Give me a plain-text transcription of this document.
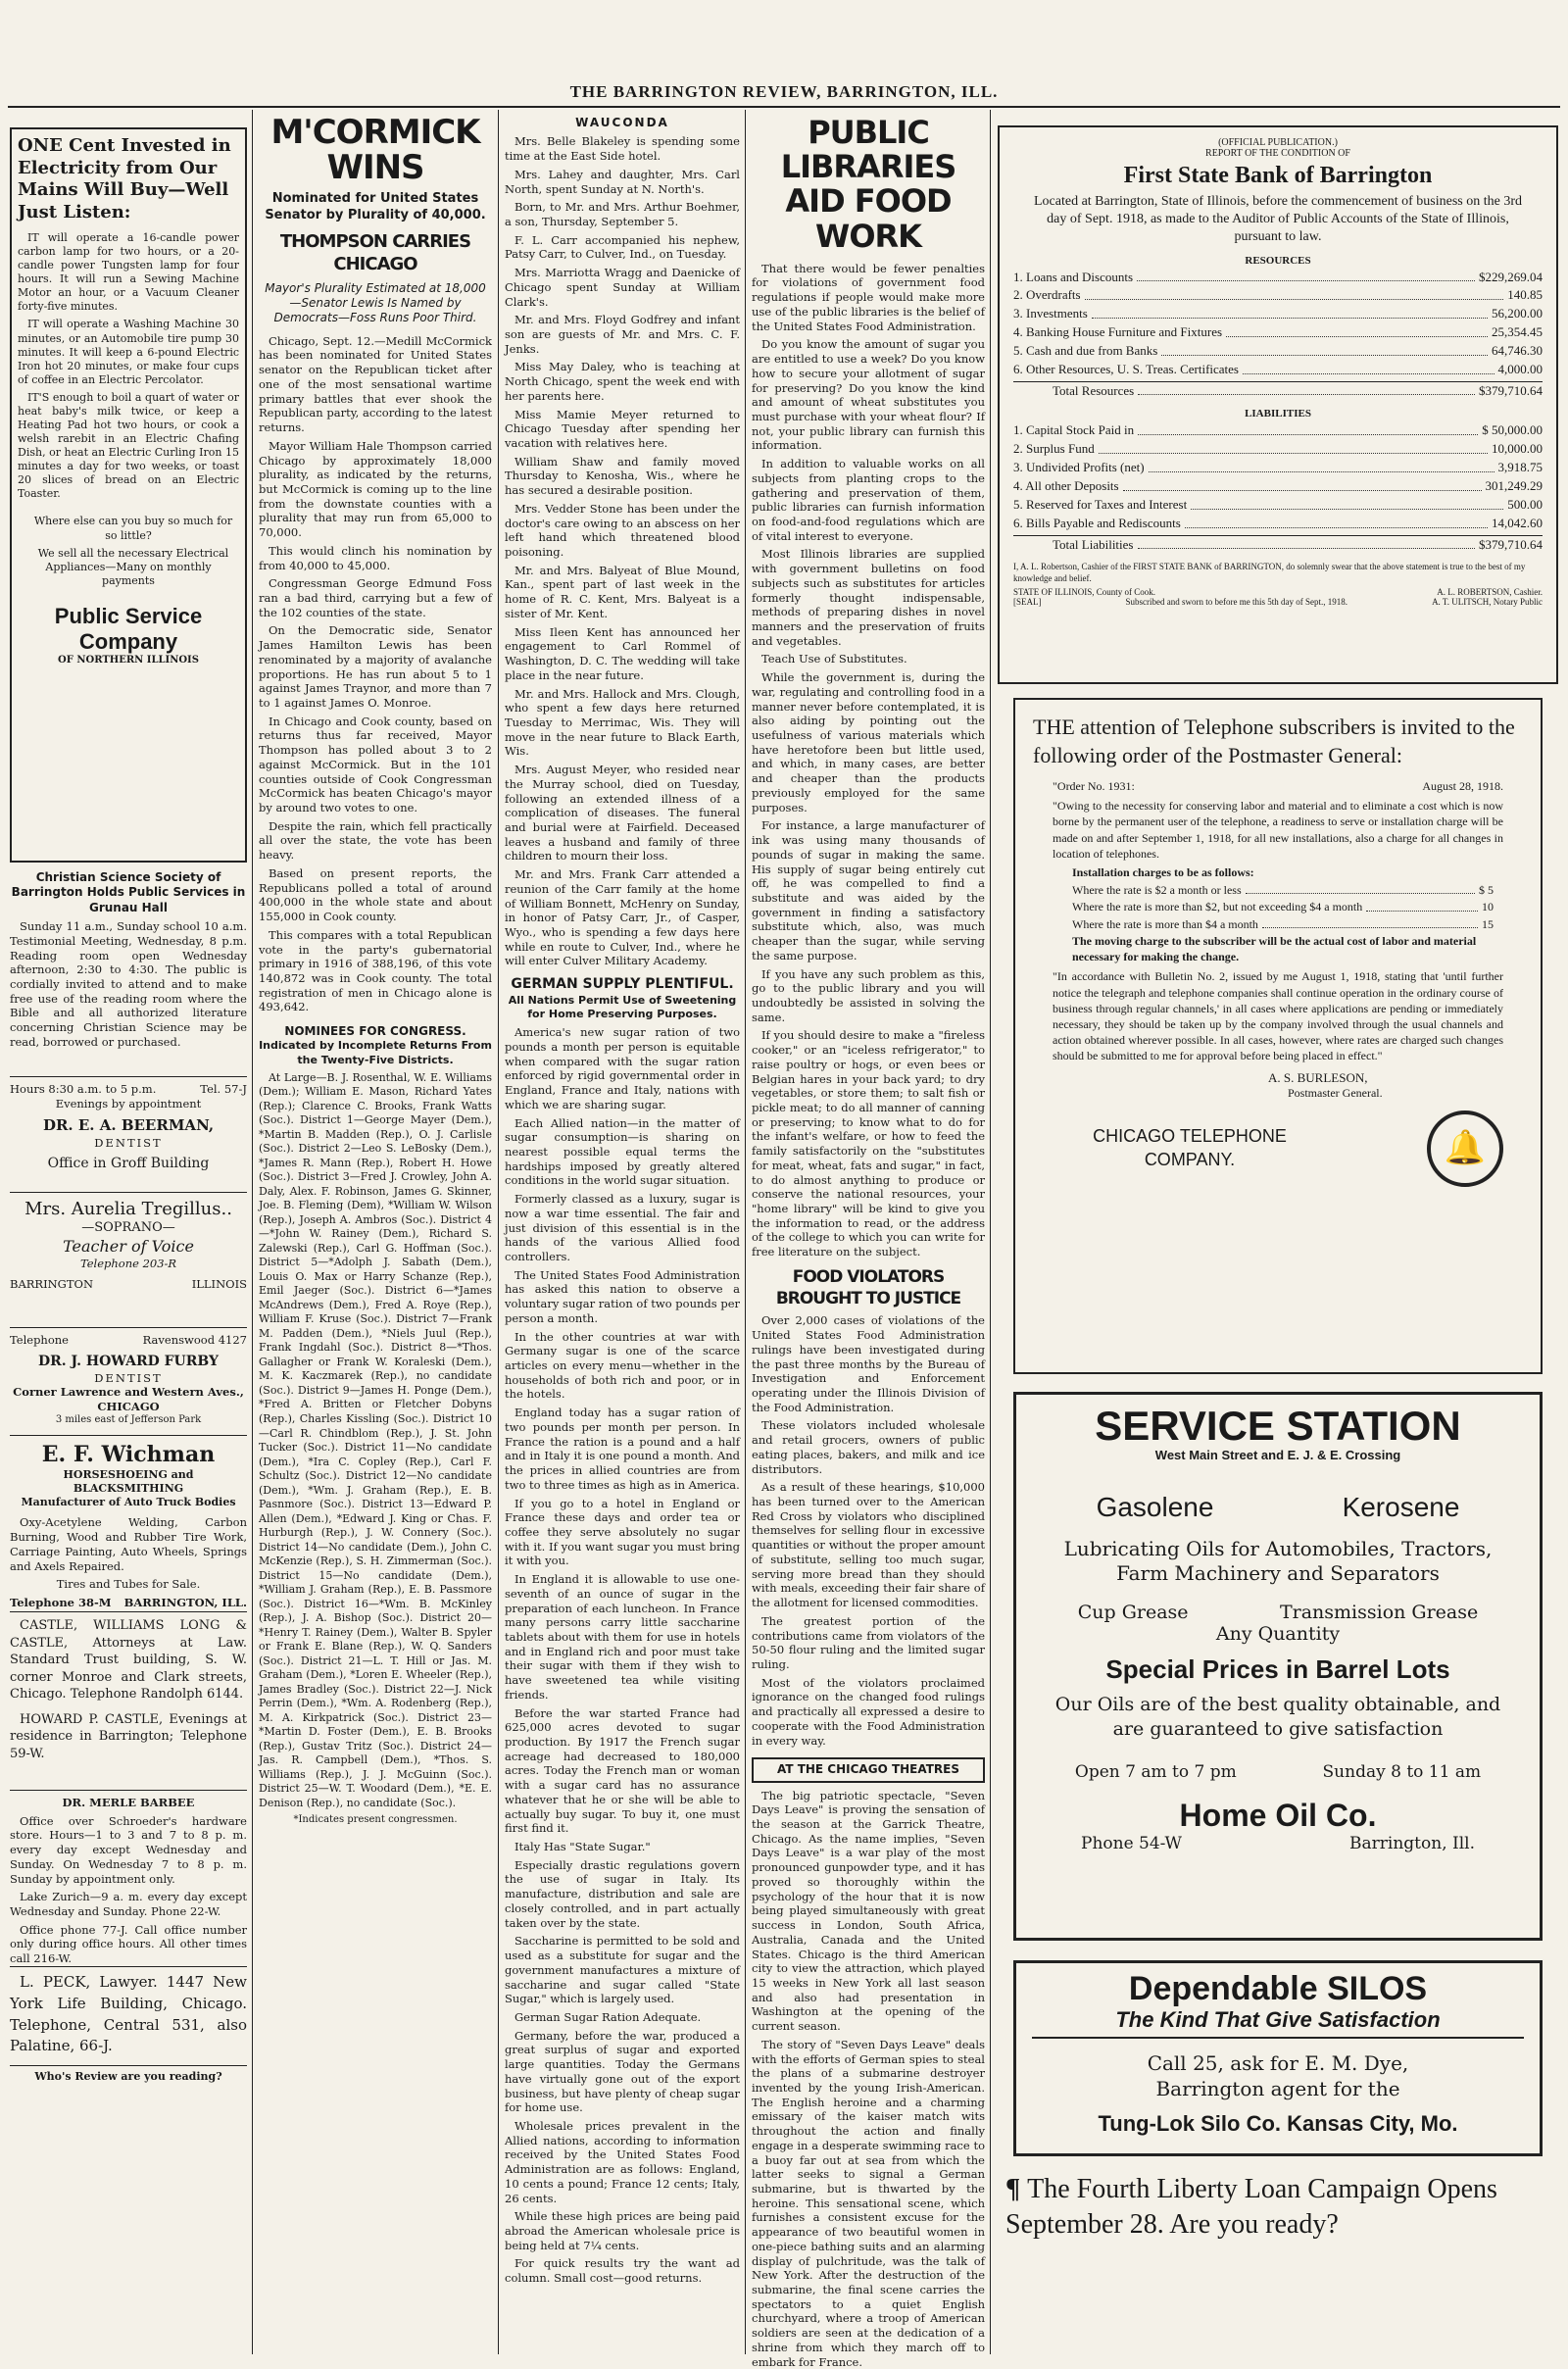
THE BARRINGTON REVIEW, BARRINGTON, ILL.
ONE Cent Invested in Electricity from Our Mains Will Buy—Well Just Listen:

IT will operate a 16-candle power carbon lamp for two hours, or a 20-candle power Tungsten lamp for four hours. It will run a Sewing Machine Motor an hour, or a Vacuum Cleaner forty-five minutes.

IT will operate a Washing Machine 30 minutes, or an Automobile tire pump 30 minutes. It will keep a 6-pound Electric Iron hot 20 minutes, or make four cups of coffee in an Electric Percolator.

IT'S enough to boil a quart of water or heat baby's milk twice, or keep a Heating Pad hot two hours, or cook a welsh rarebit in an Electric Chafing Dish, or heat an Electric Curling Iron 15 minutes a day for two weeks, or toast 20 slices of bread on an Electric Toaster.

Where else can you buy so much for so little?

We sell all the necessary Electrical Appliances—Many on monthly payments

Public Service Company
OF NORTHERN ILLINOIS
Christian Science Society of Barrington Holds Public Services in Grunau Hall

Sunday 11 a.m., Sunday school 10 a.m. Testimonial Meeting, Wednesday, 8 p.m. Reading room open Wednesday afternoon, 2:30 to 4:30. The public is cordially invited to attend and to make free use of the reading room where the Bible and all authorized literature concerning Christian Science may be read, borrowed or purchased.

Hours 8:30 a.m. to 5 p.m.	Tel. 57-J
Evenings by appointment
DR. E. A. BEERMAN,
DENTIST
Office in Groff Building
Mrs. Aurelia Tregillus..
—SOPRANO—
Teacher of Voice
Telephone 203-R
BARRINGTON	ILLINOIS
Telephone	Ravenswood 4127
DR. J. HOWARD FURBY
DENTIST
Corner Lawrence and Western Aves., CHICAGO
3 miles east of Jefferson Park
E. F. Wichman
HORSESHOEING and BLACKSMITHING
Manufacturer of Auto Truck Bodies

Oxy-Acetylene Welding, Carbon Burning, Wood and Rubber Tire Work, Carriage Painting, Auto Wheels, Springs and Axels Repaired.

Tires and Tubes for Sale.
Telephone 38-M BARRINGTON, ILL.

CASTLE, WILLIAMS LONG & CASTLE, Attorneys at Law. Standard Trust building, S. W. corner Monroe and Clark streets, Chicago. Telephone Randolph 6144.

HOWARD P. CASTLE, Evenings at residence in Barrington; Telephone 59-W.

DR. MERLE BARBEE

Office over Schroeder's hardware store. Hours—1 to 3 and 7 to 8 p. m. every day except Wednesday and Sunday. On Wednesday 7 to 8 p. m. Sunday by appointment only.

Lake Zurich—9 a. m. every day except Wednesday and Sunday. Phone 22-W.

Office phone 77-J. Call office number only during office hours. All other times call 216-W.

L. PECK, Lawyer. 1447 New York Life Building, Chicago. Telephone, Central 531, also Palatine, 66-J.

Who's Review are you reading?
M'CORMICK WINS
Nominated for United States Senator by Plurality of 40,000.
THOMPSON CARRIES CHICAGO
Mayor's Plurality Estimated at 18,000 —Senator Lewis Is Named by Democrats—Foss Runs Poor Third.

Chicago, Sept. 12.—Medill McCormick has been nominated for United States senator on the Republican ticket after one of the most sensational wartime primary battles that ever shook the Republican party, according to the latest returns.

Mayor William Hale Thompson carried Chicago by approximately 18,000 plurality, as indicated by the returns, but McCormick is coming up to the line from the downstate counties with a plurality that may run from 65,000 to 70,000.

This would clinch his nomination by from 40,000 to 45,000.

Congressman George Edmund Foss ran a bad third, carrying but a few of the 102 counties of the state.

On the Democratic side, Senator James Hamilton Lewis has been renominated by a majority of avalanche proportions. He has run about 5 to 1 against James Traynor, and more than 7 to 1 against James O. Monroe.

In Chicago and Cook county, based on returns thus far received, Mayor Thompson has polled about 3 to 2 against McCormick. But in the 101 counties outside of Cook Congressman McCormick has beaten Chicago's mayor by around two votes to one.

Despite the rain, which fell practically all over the state, the vote has been heavy.

Based on present reports, the Republicans polled a total of around 400,000 in the whole state and about 155,000 in Cook county.

This compares with a total Republican vote in the party's gubernatorial primary in 1916 of 388,196, of this vote 140,872 was in Cook county. The total registration of men in Chicago alone is 493,642.

NOMINEES FOR CONGRESS.
Indicated by Incomplete Returns From the Twenty-Five Districts.

At Large—B. J. Rosenthal, W. E. Williams (Dem.); William E. Mason, Richard Yates (Rep.); Clarence C. Brooks, Frank Watts (Soc.). District 1—George Mayer (Dem.), *Martin B. Madden (Rep.), O. J. Carlisle (Soc.). District 2—Leo S. LeBosky (Dem.), *James R. Mann (Rep.), Robert H. Howe (Soc.). District 3—Fred J. Crowley, John A. Daly, Alex. F. Robinson, James G. Skinner, Joe. B. Fleming (Dem), *William W. Wilson (Rep.), Joseph A. Ambros (Soc.). District 4—*John W. Rainey (Dem.), Richard S. Zalewski (Rep.), Carl G. Hoffman (Soc.). District 5—*Adolph J. Sabath (Dem.), Louis O. Max or Harry Schanze (Rep.), Emil Jaeger (Soc.). District 6—*James McAndrews (Dem.), Fred A. Roye (Rep.), William F. Kruse (Soc.). District 7—Frank M. Padden (Dem.), *Niels Juul (Rep.), Frank Ingdahl (Soc.). District 8—*Thos. Gallagher or Frank W. Koraleski (Dem.), M. K. Kaczmarek (Rep.), no candidate (Soc.). District 9—James H. Ponge (Dem.), *Fred A. Britten or Fletcher Dobyns (Rep.), Charles Kissling (Soc.). District 10—Carl R. Chindblom (Rep.), J. St. John Tucker (Soc.). District 11—No candidate (Dem.), *Ira C. Copley (Rep.), Carl F. Schultz (Soc.). District 12—No candidate (Dem.), *Wm. J. Graham (Rep.), E. B. Pasnmore (Soc.). District 13—Edward P. Allen (Dem.), *Edward J. King or Chas. F. Hurburgh (Rep.), J. W. Connery (Soc.). District 14—No candidate (Dem.), John C. McKenzie (Rep.), S. H. Zimmerman (Soc.). District 15—No candidate (Dem.), *William J. Graham (Rep.), E. B. Passmore (Soc.). District 16—*Wm. B. McKinley (Rep.), J. A. Bishop (Soc.). District 20—*Henry T. Rainey (Dem.), Walter B. Spyler or Frank E. Blane (Rep.), W. Q. Sanders (Soc.). District 21—L. T. Hill or Jas. M. Graham (Dem.), *Loren E. Wheeler (Rep.), James Bradley (Soc.). District 22—J. Nick Perrin (Dem.), *Wm. A. Rodenberg (Rep.), M. A. Kirkpatrick (Soc.). District 23—*Martin D. Foster (Dem.), E. B. Brooks (Rep.), Gustav Tritz (Soc.). District 24—Jas. R. Campbell (Dem.), *Thos. S. Williams (Rep.), J. J. McGuinn (Soc.). District 25—W. T. Woodard (Dem.), *E. E. Denison (Rep.), no candidate (Soc.).

*Indicates present congressmen.
WAUCONDA

Mrs. Belle Blakeley is spending some time at the East Side hotel.

Mrs. Lahey and daughter, Mrs. Carl North, spent Sunday at N. North's.

Born, to Mr. and Mrs. Arthur Boehmer, a son, Thursday, September 5.

F. L. Carr accompanied his nephew, Patsy Carr, to Culver, Ind., on Tuesday.

Mrs. Marriotta Wragg and Daenicke of Chicago spent Sunday at William Clark's.

Mr. and Mrs. Floyd Godfrey and infant son are guests of Mr. and Mrs. C. F. Jenks.

Miss May Daley, who is teaching at North Chicago, spent the week end with her parents here.

Miss Mamie Meyer returned to Chicago Tuesday after spending her vacation with relatives here.

William Shaw and family moved Thursday to Kenosha, Wis., where he has secured a desirable position.

Mrs. Vedder Stone has been under the doctor's care owing to an abscess on her left hand which threatened blood poisoning.

Mr. and Mrs. Balyeat of Blue Mound, Kan., spent part of last week in the home of R. C. Kent, Mrs. Balyeat is a sister of Mr. Kent.

Miss Ileen Kent has announced her engagement to Carl Rommel of Washington, D. C. The wedding will take place in the near future.

Mr. and Mrs. Hallock and Mrs. Clough, who spent a few days here returned Tuesday to Merrimac, Wis. They will move in the near future to Black Earth, Wis.

Mrs. August Meyer, who resided near the Murray school, died on Tuesday, following an extended illness of a complication of diseases. The funeral and burial were at Fairfield. Deceased leaves a husband and family of three children to mourn their loss.

Mr. and Mrs. Frank Carr attended a reunion of the Carr family at the home of William Bonnett, McHenry on Sunday, in honor of Patsy Carr, Jr., of Casper, Wyo., who is spending a few days here while en route to Culver, Ind., where he will enter Culver Military Academy.

GERMAN SUPPLY PLENTIFUL.
All Nations Permit Use of Sweetening for Home Preserving Purposes.

America's new sugar ration of two pounds a month per person is equitable when compared with the sugar ration enforced by rigid governmental order in England, France and Italy, nations with which we are sharing sugar.

Each Allied nation—in the matter of sugar consumption—is sharing on nearest possible equal terms the hardships imposed by greatly altered conditions in the world sugar situation.

Formerly classed as a luxury, sugar is now a war time essential. The fair and just division of this essential is in the hands of the various Allied food controllers.

The United States Food Administration has asked this nation to observe a voluntary sugar ration of two pounds per person a month.

In the other countries at war with Germany sugar is one of the scarce articles on every menu—whether in the households of both rich and poor, or in the hotels.

England today has a sugar ration of two pounds per month per person. In France the ration is a pound and a half and in Italy it is one pound a month. And the prices in allied countries are from two to three times as high as in America.

If you go to a hotel in England or France these days and order tea or coffee they serve absolutely no sugar with it. If you want sugar you must bring it with you.

In England it is allowable to use one-seventh of an ounce of sugar in the preparation of each luncheon. In France many persons carry little saccharine tablets about with them for use in hotels and in England rich and poor must take their sugar with them if they wish to have sweetened tea while visiting friends.

Before the war started France had 625,000 acres devoted to sugar production. By 1917 the French sugar acreage had decreased to 180,000 acres. Today the French man or woman with a sugar card has no assurance whatever that he or she will be able to actually buy sugar. To buy it, one must first find it.

Italy Has "State Sugar."

Especially drastic regulations govern the use of sugar in Italy. Its manufacture, distribution and sale are closely controlled, and in part actually taken over by the state.

Saccharine is permitted to be sold and used as a substitute for sugar and the government manufactures a mixture of saccharine and sugar called "State Sugar," which is largely used.

German Sugar Ration Adequate.

Germany, before the war, produced a great surplus of sugar and exported large quantities. Today the Germans have virtually gone out of the export business, but have plenty of cheap sugar for home use.

Wholesale prices prevalent in the Allied nations, according to information received by the United States Food Administration are as follows: England, 10 cents a pound; France 12 cents; Italy, 26 cents.

While these high prices are being paid abroad the American wholesale price is being held at 7¼ cents.

For quick results try the want ad column. Small cost—good returns.

PUBLIC LIBRARIES AID FOOD WORK

That there would be fewer penalties for violations of government food regulations if people would make more use of the public libraries is the belief of the United States Food Administration.

Do you know the amount of sugar you are entitled to use a week? Do you know how to secure your allotment of sugar for preserving? Do you know the kind and amount of wheat substitutes you must purchase with your wheat flour? If not, your public library can furnish this information.

In addition to valuable works on all subjects from planting crops to the gathering and preservation of them, public libraries can furnish information on food-and-food regulations which are of vital interest to everyone.

Most Illinois libraries are supplied with government bulletins on food subjects such as substitutes for articles formerly thought indispensable, methods of preparing dishes in novel manners and the preservation of fruits and vegetables.

Teach Use of Substitutes.

While the government is, during the war, regulating and controlling food in a manner never before contemplated, it is also aiding by pointing out the usefulness of various materials which have heretofore been but little used, and which, in many cases, are better and cheaper than the products previously employed for the same purposes.

For instance, a large manufacturer of ink was using many thousands of pounds of sugar in making the same. His supply of sugar being entirely cut off, he was compelled to find a substitute and was aided by the government in finding a satisfactory substitute which, also, was much cheaper than the sugar, while serving the same purpose.

If you have any such problem as this, go to the public library and you will undoubtedly be assisted in solving the same.

If you should desire to make a "fireless cooker," or an "iceless refrigerator," to raise poultry or hogs, or even bees or Belgian hares in your back yard; to dry vegetables, or store them; to salt fish or pickle meat; to do all manner of canning or preserving; to know what to do for the infant's welfare, or how to feed the family satisfactorily on the "substitutes for meat, wheat, fats and sugar," in fact, to do almost anything to produce or conserve the national resources, your "home library" will be kind to give you the information to read, or the address of the college to which you can write for free literature on the subject.

FOOD VIOLATORS BROUGHT TO JUSTICE

Over 2,000 cases of violations of the United States Food Administration rulings have been investigated during the past three months by the Bureau of Investigation and Enforcement operating under the Illinois Division of the Food Administration.

These violators included wholesale and retail grocers, owners of public eating places, bakers, and milk and ice distributors.

As a result of these hearings, $10,000 has been turned over to the American Red Cross by violators who disciplined themselves for selling flour in excessive quantities or without the proper amount of substitute, selling too much sugar, serving more bread than they should with meals, exceeding their fair share of the allotment for licensed commodities.

The greatest portion of the contributions came from violators of the 50-50 flour ruling and the limited sugar ruling.

Most of the violators proclaimed ignorance on the changed food rulings and practically all expressed a desire to cooperate with the Food Administration in every way.

AT THE CHICAGO THEATRES

The big patriotic spectacle, "Seven Days Leave" is proving the sensation of the season at the Garrick Theatre, Chicago. As the name implies, "Seven Days Leave" is a war play of the most pronounced gunpowder type, and it has proved so thoroughly within the psychology of the hour that it is now being played simultaneously with great success in London, South Africa, Australia, Canada and the United States. Chicago is the third American city to view the attraction, which played 15 weeks in New York all last season and also had presentation in Washington at the opening of the current season.

The story of "Seven Days Leave" deals with the efforts of German spies to steal the plans of a submarine destroyer invented by the young Irish-American. The English heroine and a charming emissary of the kaiser match wits throughout the action and finally engage in a desperate swimming race to a buoy far out at sea from which the latter seeks to signal a German submarine, but is thwarted by the heroine. This sensational scene, which furnishes a consistent excuse for the appearance of two beautiful women in one-piece bathing suits and an alarming display of pulchritude, was the talk of New York. After the destruction of the submarine, the final scene carries the spectators to a quiet English churchyard, where a troop of American soldiers are seen at the dedication of a shrine from which they march off to embark for France.

(OFFICIAL PUBLICATION.)
REPORT OF THE CONDITION OF
First State Bank of Barrington
Located at Barrington, State of Illinois, before the commencement of business on the 3rd day of Sept. 1918, as made to the Auditor of Public Accounts of the State of Illinois, pursuant to law.
RESOURCES
1. Loans and Discounts	$229,269.04
2. Overdrafts	140.85
3. Investments	56,200.00
4. Banking House Furniture and Fixtures	25,354.45
5. Cash and due from Banks	64,746.30
6. Other Resources, U. S. Treas. Certificates	4,000.00
Total Resources	$379,710.64
LIABILITIES
1. Capital Stock Paid in	$ 50,000.00
2. Surplus Fund	10,000.00
3. Undivided Profits (net)	3,918.75
4. All other Deposits	301,249.29
5. Reserved for Taxes and Interest	500.00
6. Bills Payable and Rediscounts	14,042.60
Total Liabilities	$379,710.64
I, A. L. Robertson, Cashier of the FIRST STATE BANK of BARRINGTON, do solemnly swear that the above statement is true to the best of my knowledge and belief.
STATE OF ILLINOIS, County of Cook.	A. L. ROBERTSON, Cashier.
[SEAL]	Subscribed and sworn to before me this 5th day of Sept., 1918.	A. T. ULITSCH, Notary Public
THE attention of Telephone subscribers is invited to the following order of the Postmaster General:
"Order No. 1931:	August 28, 1918.
"Owing to the necessity for conserving labor and material and to eliminate a cost which is now borne by the permanent user of the telephone, a readiness to serve or installation charge will be made on and after September 1, 1918, for all new installations, also a charge for all changes in location of telephones.
Installation charges to be as follows:
Where the rate is $2 a month or less	$ 5
Where the rate is more than $2, but not exceeding $4 a month	10
Where the rate is more than $4 a month	15
The moving charge to the subscriber will be the actual cost of labor and material necessary for making the change.
"In accordance with Bulletin No. 2, issued by me August 1, 1918, stating that 'until further notice the telegraph and telephone companies shall continue operation in the ordinary course of business through regular channels,' in all cases where applications are pending or immediately necessary, they should be taken up by the company involved through the usual channels and action obtained wherever possible. In all cases, however, where rates are charged such changes should be submitted to me for approval before being placed in effect."
A. S. BURLESON,
Postmaster General.
CHICAGO TELEPHONE COMPANY.	🔔
SERVICE STATION
West Main Street and E. J. & E. Crossing
Gasolene	Kerosene
Lubricating Oils for Automobiles, Tractors, Farm Machinery and Separators
Cup Grease	Transmission Grease
Any Quantity
Special Prices in Barrel Lots
Our Oils are of the best quality obtainable, and are guaranteed to give satisfaction
Open 7 am to 7 pm	Sunday 8 to 11 am
Home Oil Co.
Phone 54-W	Barrington, Ill.
Dependable SILOS
The Kind That Give Satisfaction
Call 25, ask for E. M. Dye, Barrington agent for the
Tung-Lok Silo Co. Kansas City, Mo.
¶ The Fourth Liberty Loan Campaign Opens September 28. Are you ready?
